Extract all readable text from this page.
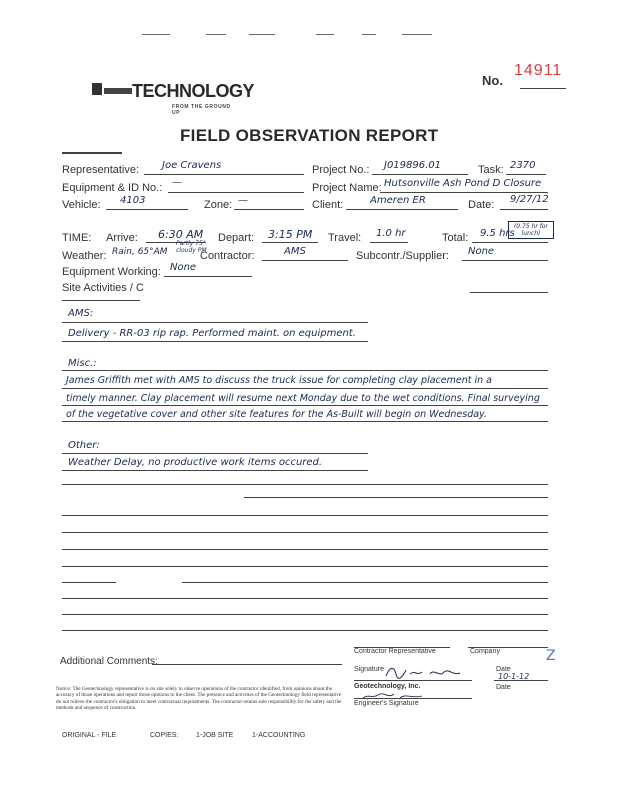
TECHNOLOGY
FROM THE GROUND UP
No.
14911
FIELD OBSERVATION REPORT
Representative: Joe Cravens	Project No.: J019896.01	Task: 2370
Equipment & ID No.: —	Project Name: Hutsonville Ash Pond D Closure
Vehicle: 4103	Zone: —	Client:	Ameren ER	Date: 9/27/12
TIME: Arrive: 6:30 AM Depart: 3:15 PM Travel: 1.0 hr	Total: 9.5 hrs
(0.75 hr for lunch)
Weather: Rain, 65°AM
Partly 75° cloudy PM
Contractor:	AMS	Subcontr./Supplier: None
Equipment Working: None
Site Activities / C
AMS:
Delivery - RR-03 rip rap. Performed maint. on equipment.
Misc.:
James Griffith met with AMS to discuss the truck issue for completing clay placement in a
timely manner. Clay placement will resume next Monday due to the wet conditions. Final surveying
of the vegetative cover and other site features for the As-Built will begin on Wednesday.
Other:
Weather Delay, no productive work items occured.
Additional Comments:
Contractor Representative	Company	Z
Signature	Date
10-1-12
Geotechnology, Inc.	Date
Engineer's Signature
Notice: The Geotechnology representative is on site solely to observe operations of the contractor identified, from opinions about the accuracy of those operations and report those opinions to the client. The presence and activities of the Geotechnology field representative do not relieve the contractor's obligation to meet contractual requirements. The contractor retains sole responsibility for the safety and the methods and sequence of construction.
ORIGINAL - FILE	COPIES:	1-JOB SITE	1-ACCOUNTING
